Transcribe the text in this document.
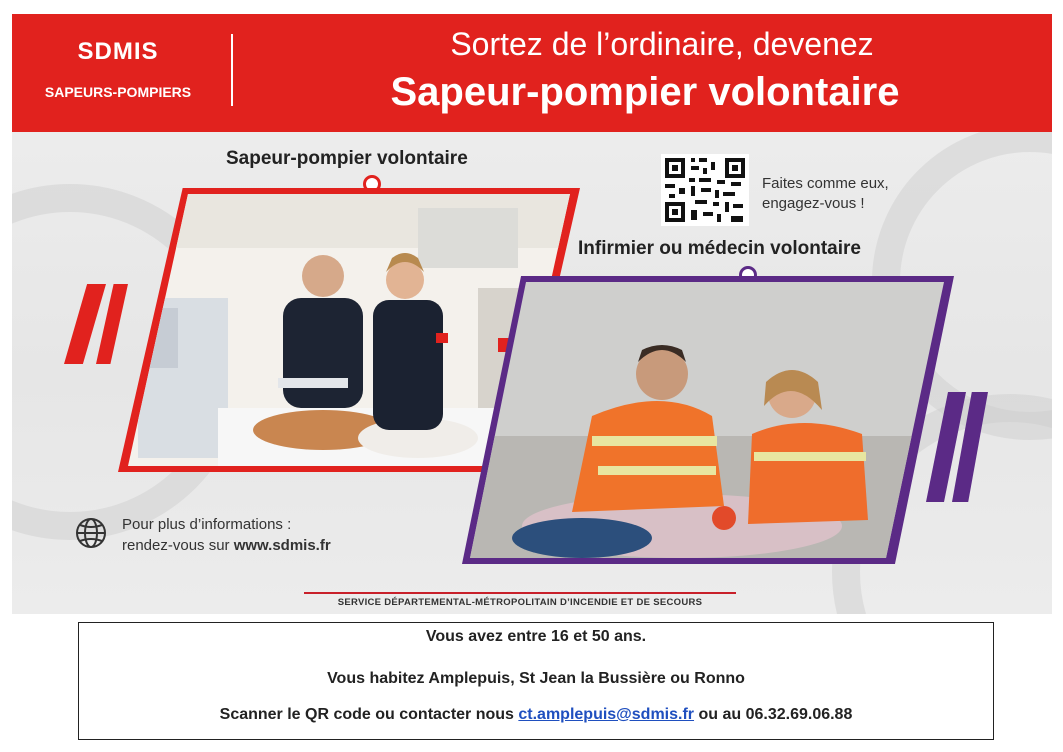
SDMIS
SAPEURS-POMPIERS
Sortez de l’ordinaire, devenez
Sapeur-pompier volontaire
Sapeur-pompier volontaire
Faites comme eux,
engagez-vous !
Infirmier ou médecin volontaire
Pour plus d’informations :
rendez-vous sur www.sdmis.fr
SERVICE DÉPARTEMENTAL-MÉTROPOLITAIN D’INCENDIE ET DE SECOURS
Vous avez entre 16 et 50 ans.
Vous habitez Amplepuis, St Jean la Bussière ou Ronno
Scanner le QR code ou contacter nous ct.amplepuis@sdmis.fr ou au 06.32.69.06.88
